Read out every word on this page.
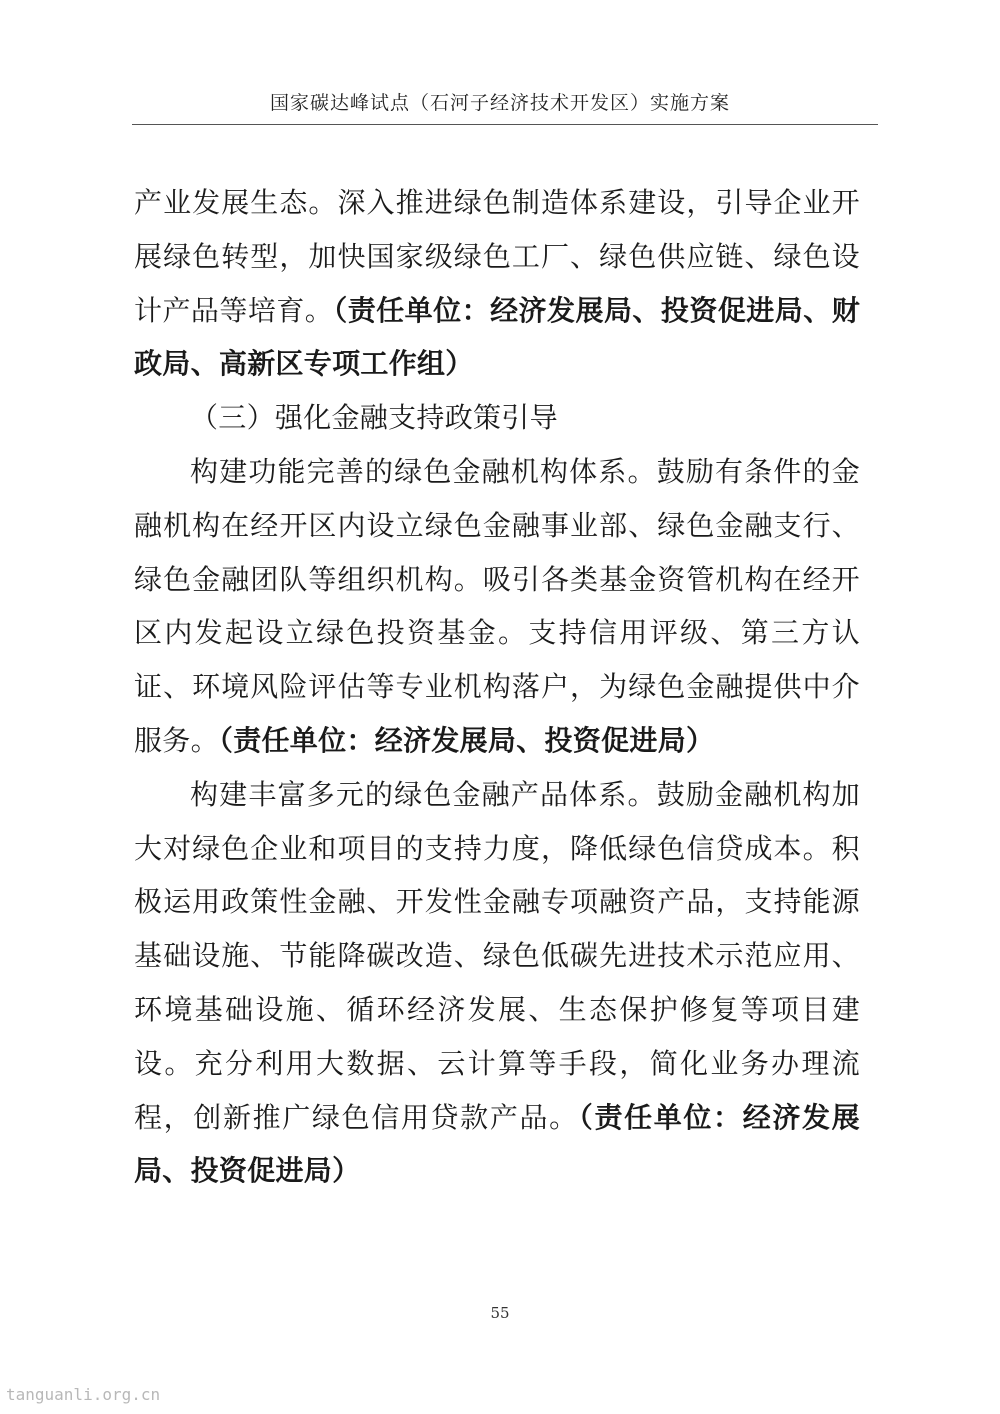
国家碳达峰试点（石河子经济技术开发区）实施方案

产业发展生态。深入推进绿色制造体系建设，引导企业开展绿色转型，加快国家级绿色工厂、绿色供应链、绿色设计产品等培育。（责任单位：经济发展局、投资促进局、财政局、高新区专项工作组）

（三）强化金融支持政策引导

构建功能完善的绿色金融机构体系。鼓励有条件的金融机构在经开区内设立绿色金融事业部、绿色金融支行、绿色金融团队等组织机构。吸引各类基金资管机构在经开区内发起设立绿色投资基金。支持信用评级、第三方认证、环境风险评估等专业机构落户，为绿色金融提供中介服务。（责任单位：经济发展局、投资促进局）

构建丰富多元的绿色金融产品体系。鼓励金融机构加大对绿色企业和项目的支持力度，降低绿色信贷成本。积极运用政策性金融、开发性金融专项融资产品，支持能源基础设施、节能降碳改造、绿色低碳先进技术示范应用、环境基础设施、循环经济发展、生态保护修复等项目建设。充分利用大数据、云计算等手段，简化业务办理流程，创新推广绿色信用贷款产品。（责任单位：经济发展局、投资促进局）

55
tanguanli.org.cn
